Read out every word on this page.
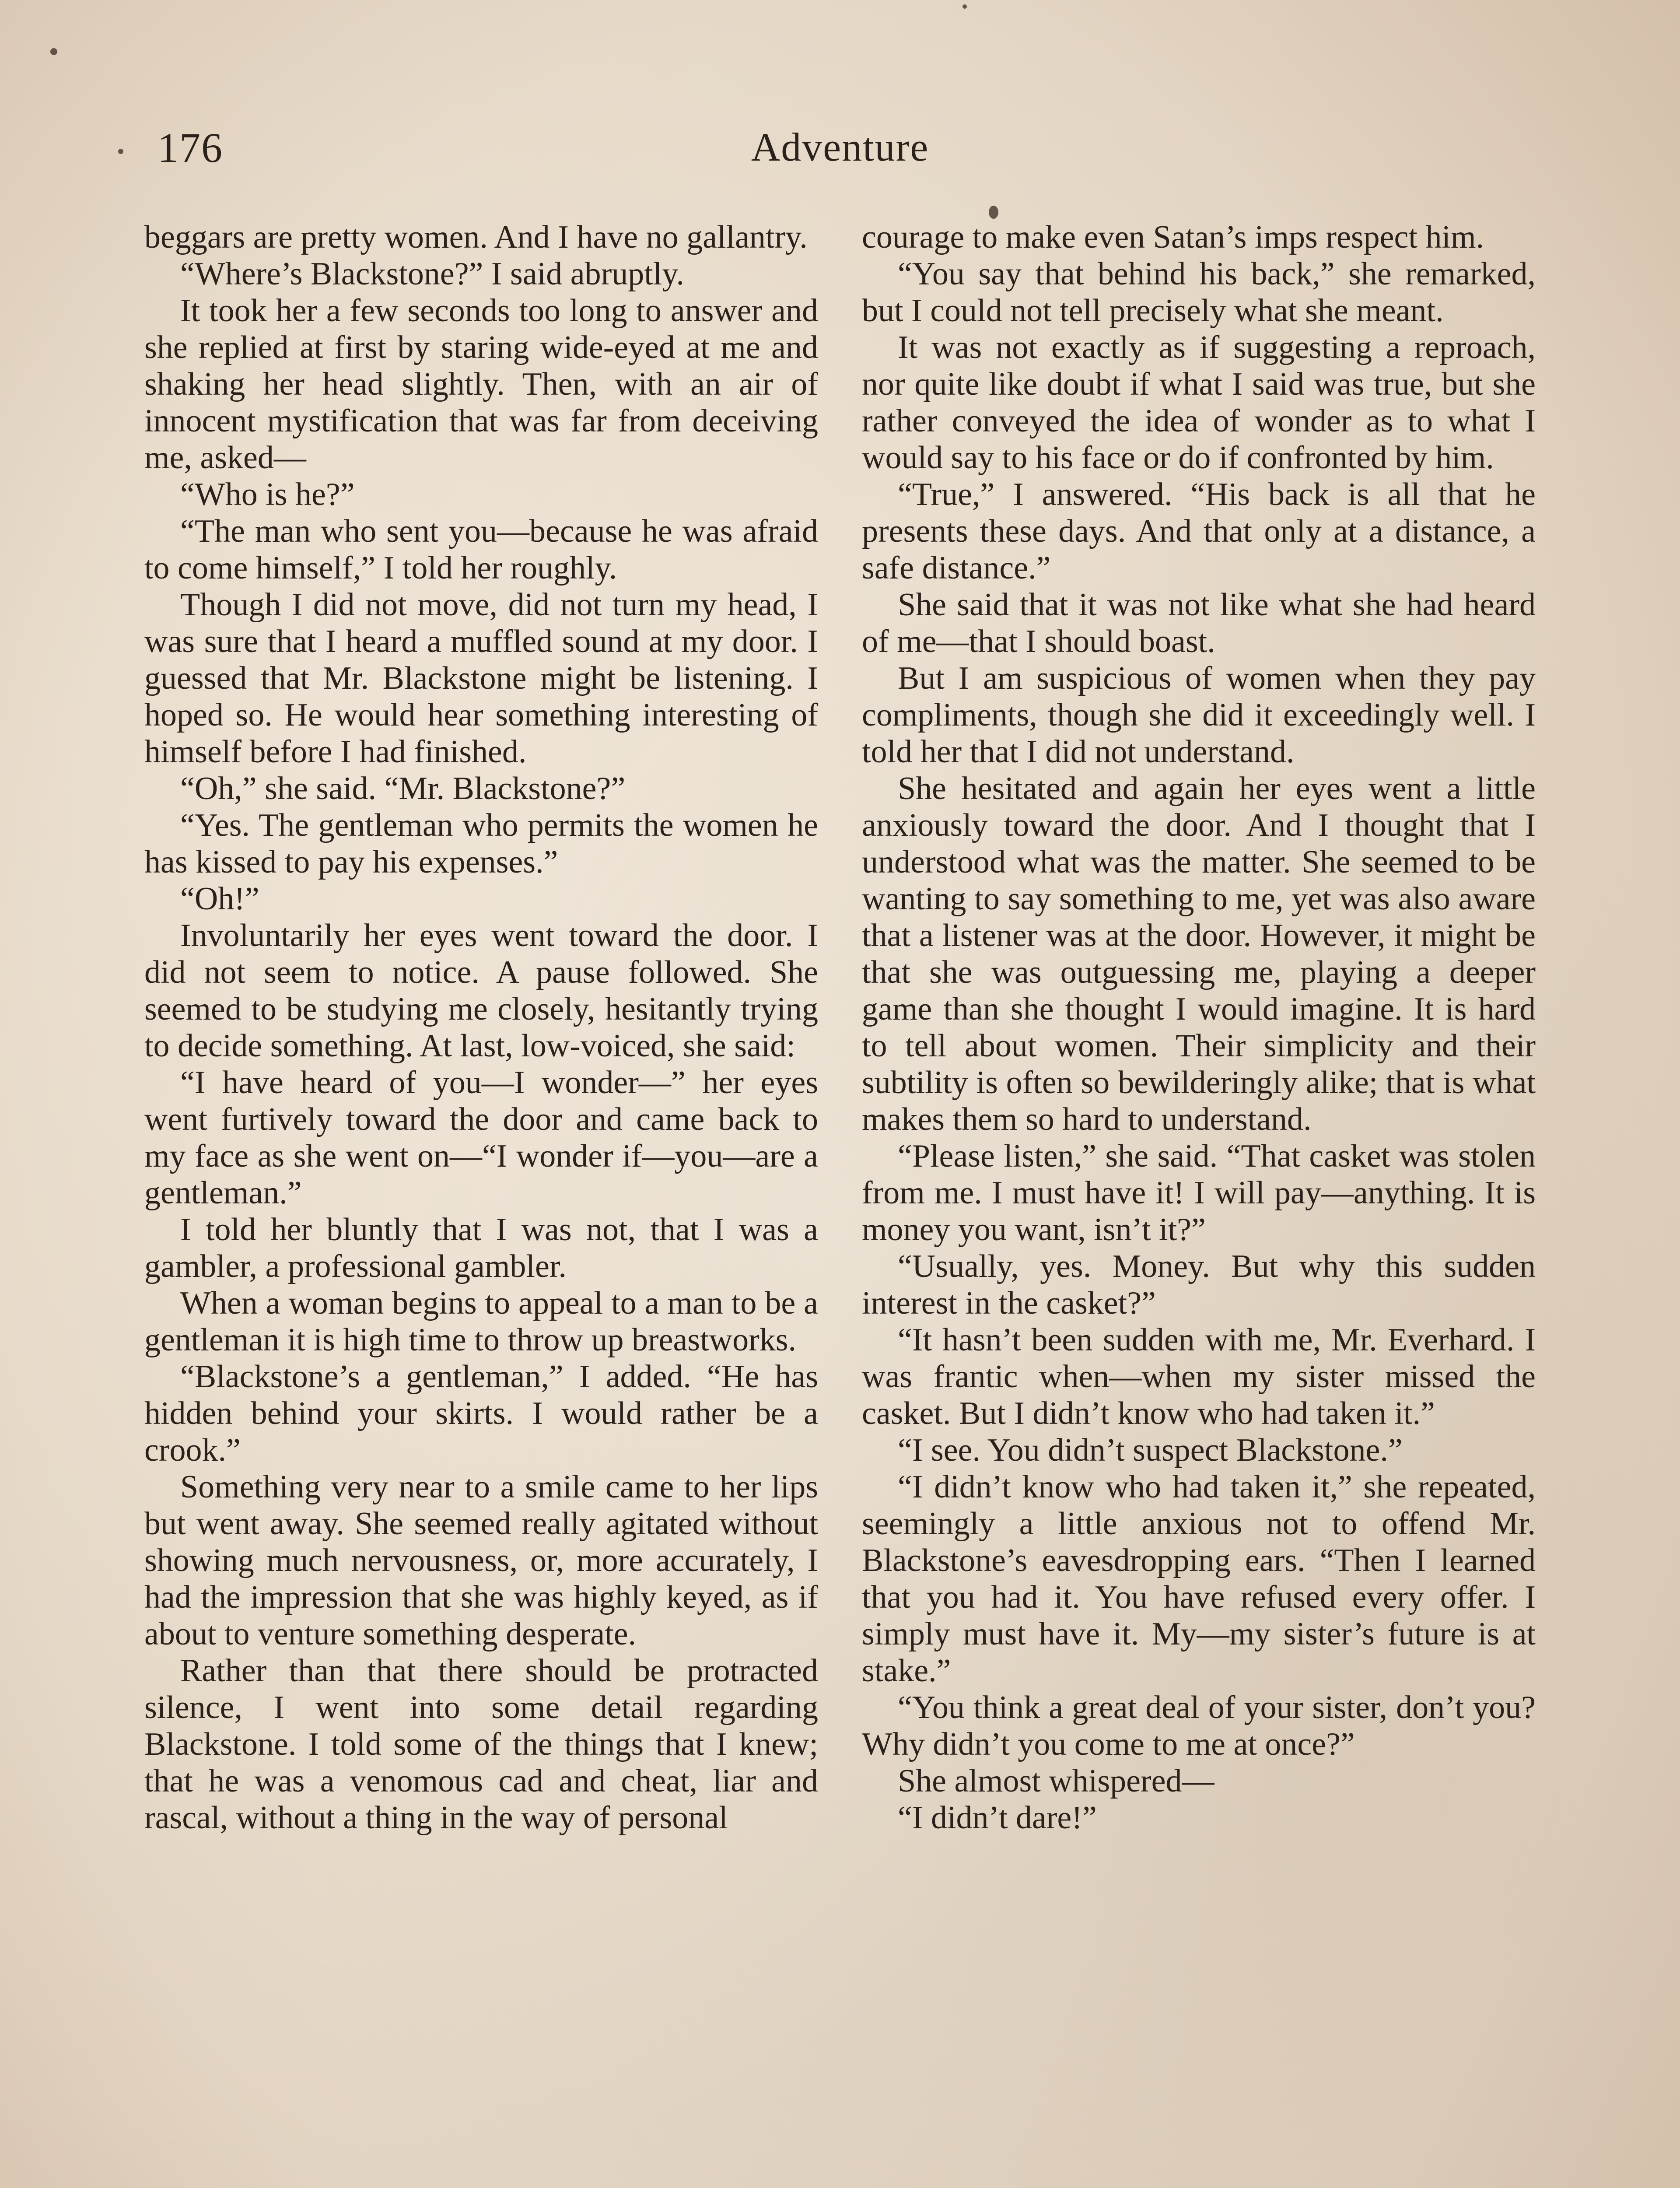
176	Adventure

beggars are pretty women. And I have no gallantry.

“Where’s Blackstone?” I said abruptly.

It took her a few seconds too long to answer and she replied at first by staring wide-eyed at me and shaking her head slightly. Then, with an air of innocent mystification that was far from deceiving me, asked—

“Who is he?”

“The man who sent you—because he was afraid to come himself,” I told her roughly.

Though I did not move, did not turn my head, I was sure that I heard a muffled sound at my door. I guessed that Mr. Blackstone might be listening. I hoped so. He would hear something interesting of himself before I had finished.

“Oh,” she said. “Mr. Blackstone?”

“Yes. The gentleman who permits the women he has kissed to pay his expenses.”

“Oh!”

Involuntarily her eyes went toward the door. I did not seem to notice. A pause followed. She seemed to be studying me closely, hesitantly trying to decide something. At last, low-voiced, she said:

“I have heard of you—I wonder—” her eyes went furtively toward the door and came back to my face as she went on—“I wonder if—you—are a gentleman.”

I told her bluntly that I was not, that I was a gambler, a professional gambler.

When a woman begins to appeal to a man to be a gentleman it is high time to throw up breastworks.

“Blackstone’s a gentleman,” I added. “He has hidden behind your skirts. I would rather be a crook.”

Something very near to a smile came to her lips but went away. She seemed really agitated without showing much nervousness, or, more accurately, I had the impression that she was highly keyed, as if about to venture something desperate.

Rather than that there should be protracted silence, I went into some detail regarding Blackstone. I told some of the things that I knew; that he was a venomous cad and cheat, liar and rascal, without a thing in the way of personal

courage to make even Satan’s imps respect him.

“You say that behind his back,” she remarked, but I could not tell precisely what she meant.

It was not exactly as if suggesting a reproach, nor quite like doubt if what I said was true, but she rather conveyed the idea of wonder as to what I would say to his face or do if confronted by him.

“True,” I answered. “His back is all that he presents these days. And that only at a distance, a safe distance.”

She said that it was not like what she had heard of me—that I should boast.

But I am suspicious of women when they pay compliments, though she did it exceedingly well. I told her that I did not understand.

She hesitated and again her eyes went a little anxiously toward the door. And I thought that I understood what was the matter. She seemed to be wanting to say something to me, yet was also aware that a listener was at the door. However, it might be that she was outguessing me, playing a deeper game than she thought I would imagine. It is hard to tell about women. Their simplicity and their subtility is often so bewilderingly alike; that is what makes them so hard to understand.

“Please listen,” she said. “That casket was stolen from me. I must have it! I will pay—anything. It is money you want, isn’t it?”

“Usually, yes. Money. But why this sudden interest in the casket?”

“It hasn’t been sudden with me, Mr. Everhard. I was frantic when—when my sister missed the casket. But I didn’t know who had taken it.”

“I see. You didn’t suspect Blackstone.”

“I didn’t know who had taken it,” she repeated, seemingly a little anxious not to offend Mr. Blackstone’s eavesdropping ears. “Then I learned that you had it. You have refused every offer. I simply must have it. My—my sister’s future is at stake.”

“You think a great deal of your sister, don’t you? Why didn’t you come to me at once?”

She almost whispered—

“I didn’t dare!”
